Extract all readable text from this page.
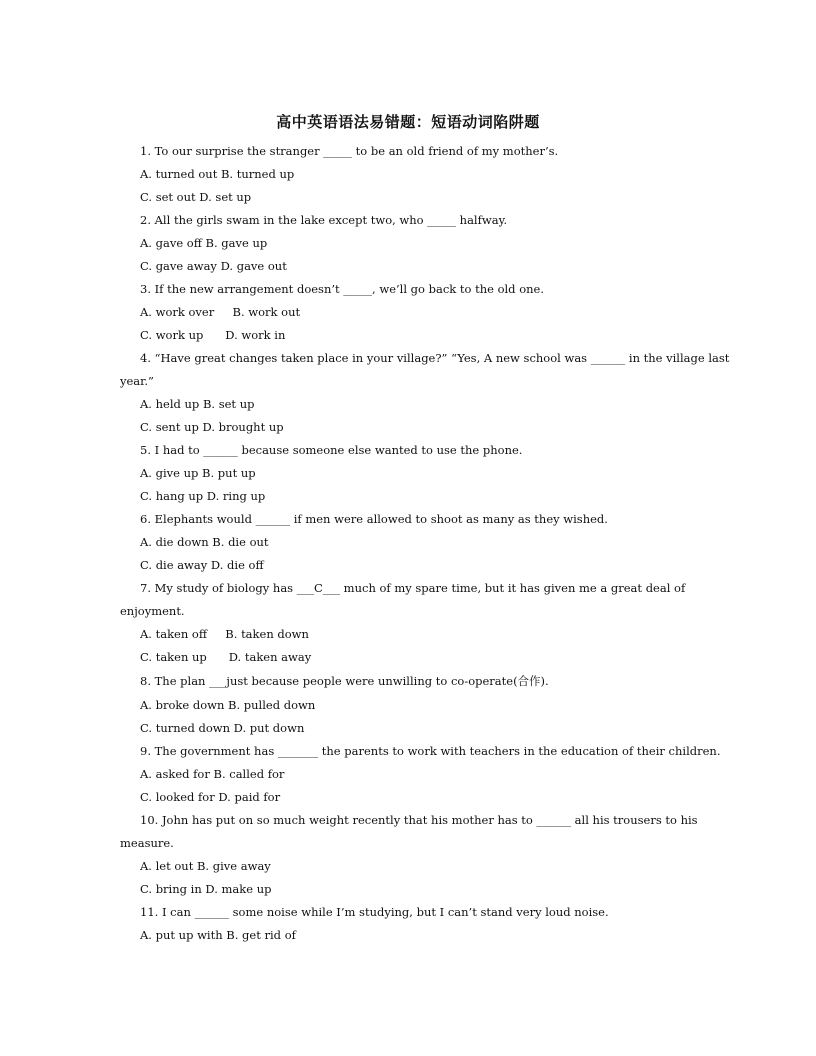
高中英语语法易错题：短语动词陷阱题
1. To our surprise the stranger _____ to be an old friend of my mother’s.
A. turned out B. turned up
C. set out D. set up
2. All the girls swam in the lake except two, who _____ halfway.
A. gave off B. gave up
C. gave away D. gave out
3. If the new arrangement doesn’t _____, we’ll go back to the old one.
A. work over     B. work out
C. work up      D. work in
4. “Have great changes taken place in your village?” “Yes, A new school was ______ in the village last
year.”
A. held up B. set up
C. sent up D. brought up
5. I had to ______ because someone else wanted to use the phone.
A. give up B. put up
C. hang up D. ring up
6. Elephants would ______ if men were allowed to shoot as many as they wished.
A. die down B. die out
C. die away D. die off
7. My study of biology has ___C___ much of my spare time, but it has given me a great deal of
enjoyment.
A. taken off     B. taken down
C. taken up      D. taken away
8. The plan ___just because people were unwilling to co-operate(合作).
A. broke down B. pulled down
C. turned down D. put down
9. The government has _______ the parents to work with teachers in the education of their children.
A. asked for B. called for
C. looked for D. paid for
10. John has put on so much weight recently that his mother has to ______ all his trousers to his
measure.
A. let out B. give away
C. bring in D. make up
11. I can ______ some noise while I’m studying, but I can’t stand very loud noise.
A. put up with B. get rid of
